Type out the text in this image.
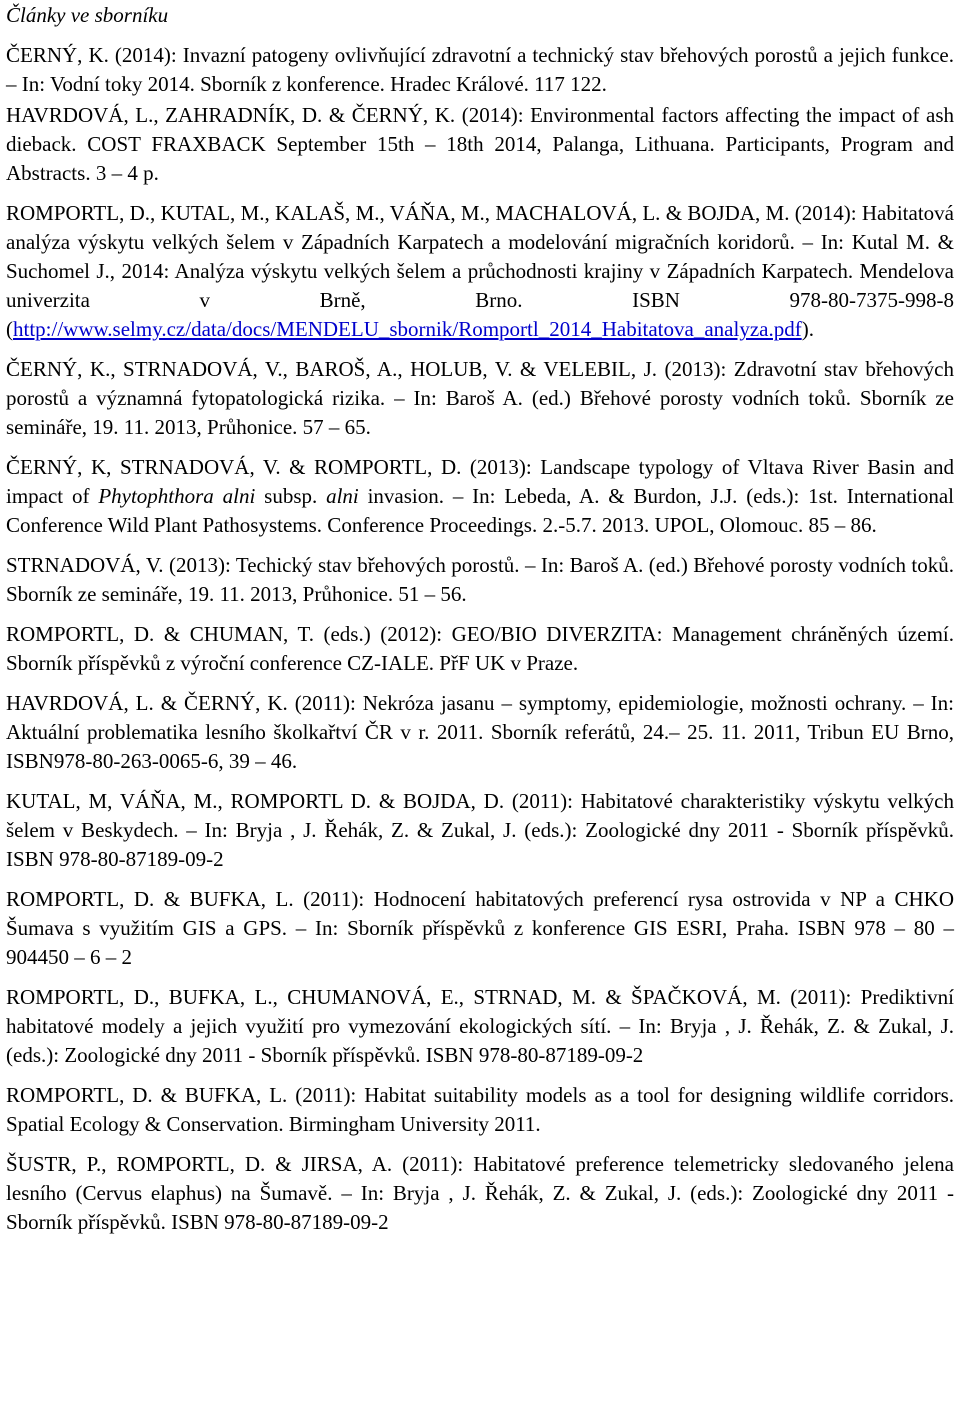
Články ve sborníku

ČERNÝ, K. (2014): Invazní patogeny ovlivňující zdravotní a technický stav břehových porostů a jejich funkce. – In: Vodní toky 2014. Sborník z konference. Hradec Králové. 117 122.

HAVRDOVÁ, L., ZAHRADNÍK, D. & ČERNÝ, K. (2014): Environmental factors affecting the impact of ash dieback. COST FRAXBACK September 15th – 18th 2014, Palanga, Lithuana. Participants, Program and Abstracts. 3 – 4 p.

ROMPORTL, D., KUTAL, M., KALAŠ, M., VÁŇA, M., MACHALOVÁ, L. & BOJDA, M. (2014): Habitatová analýza výskytu velkých šelem v Západních Karpatech a modelování migračních koridorů. – In: Kutal M. & Suchomel J., 2014: Analýza výskytu velkých šelem a průchodnosti krajiny v Západních Karpatech. Mendelova univerzita v Brně, Brno. ISBN 978-80-7375-998-8 (http://www.selmy.cz/data/docs/MENDELU_sbornik/Romportl_2014_Habitatova_analyza.pdf).

ČERNÝ, K., STRNADOVÁ, V., BAROŠ, A., HOLUB, V. & VELEBIL, J. (2013): Zdravotní stav břehových porostů a významná fytopatologická rizika. – In: Baroš A. (ed.) Břehové porosty vodních toků. Sborník ze semináře, 19. 11. 2013, Průhonice. 57 – 65.

ČERNÝ, K, STRNADOVÁ, V. & ROMPORTL, D. (2013): Landscape typology of Vltava River Basin and impact of Phytophthora alni subsp. alni invasion. – In: Lebeda, A. & Burdon, J.J. (eds.): 1st. International Conference Wild Plant Pathosystems. Conference Proceedings. 2.-5.7. 2013. UPOL, Olomouc. 85 – 86.

STRNADOVÁ, V. (2013): Techický stav břehových porostů. – In: Baroš A. (ed.) Břehové porosty vodních toků. Sborník ze semináře, 19. 11. 2013, Průhonice. 51 – 56.

ROMPORTL, D. & CHUMAN, T. (eds.) (2012): GEO/BIO DIVERZITA: Management chráněných území. Sborník příspěvků z výroční conference CZ-IALE. PřF UK v Praze.

HAVRDOVÁ, L. & ČERNÝ, K. (2011): Nekróza jasanu – symptomy, epidemiologie, možnosti ochrany. – In: Aktuální problematika lesního školkařtví ČR v r. 2011. Sborník referátů, 24.– 25. 11. 2011, Tribun EU Brno, ISBN978-80-263-0065-6, 39 – 46.

KUTAL, M, VÁŇA, M., ROMPORTL D. & BOJDA, D. (2011): Habitatové charakteristiky výskytu velkých šelem v Beskydech. – In: Bryja , J. Řehák, Z. & Zukal, J. (eds.): Zoologické dny 2011 - Sborník příspěvků. ISBN 978-80-87189-09-2

ROMPORTL, D. & BUFKA, L. (2011): Hodnocení habitatových preferencí rysa ostrovida v NP a CHKO Šumava s využitím GIS a GPS. – In: Sborník příspěvků z konference GIS ESRI, Praha. ISBN 978 – 80 – 904450 – 6 – 2

ROMPORTL, D., BUFKA, L., CHUMANOVÁ, E., STRNAD, M. & ŠPAČKOVÁ, M. (2011): Prediktivní habitatové modely a jejich využití pro vymezování ekologických sítí. – In: Bryja , J. Řehák, Z. & Zukal, J. (eds.): Zoologické dny 2011 - Sborník příspěvků. ISBN 978-80-87189-09-2

ROMPORTL, D. & BUFKA, L. (2011): Habitat suitability models as a tool for designing wildlife corridors. Spatial Ecology & Conservation. Birmingham University 2011.

ŠUSTR, P., ROMPORTL, D. & JIRSA, A. (2011): Habitatové preference telemetricky sledovaného jelena lesního (Cervus elaphus) na Šumavě. – In: Bryja , J. Řehák, Z. & Zukal, J. (eds.): Zoologické dny 2011 - Sborník příspěvků. ISBN 978-80-87189-09-2
